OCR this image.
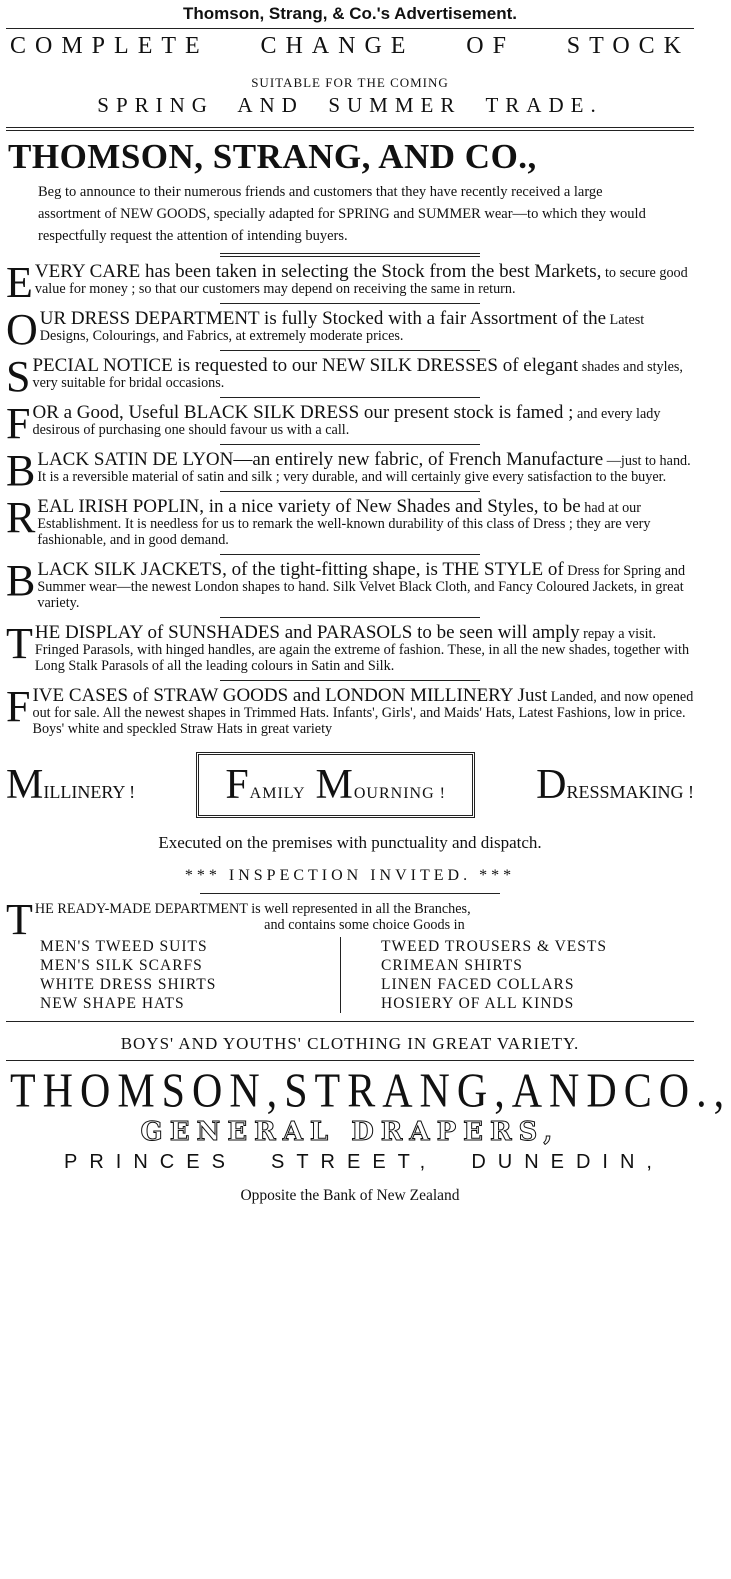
Thomson, Strang, & Co.'s Advertisement.
COMPLETE CHANGE OF STOCK
SUITABLE FOR THE COMING
SPRING AND SUMMER TRADE.
THOMSON, STRANG, AND CO.,

Beg to announce to their numerous friends and customers that they have recently received a large assortment of NEW GOODS, specially adapted for SPRING and SUMMER wear—to which they would respectfully request the attention of intending buyers.

EVERY CARE has been taken in selecting the Stock from the best Markets, to secure good value for money ; so that our customers may depend on receiving the same in return.
OUR DRESS DEPARTMENT is fully Stocked with a fair Assortment of the Latest Designs, Colourings, and Fabrics, at extremely moderate prices.
SPECIAL NOTICE is requested to our NEW SILK DRESSES of elegant shades and styles, very suitable for bridal occasions.
FOR a Good, Useful BLACK SILK DRESS our present stock is famed ; and every lady desirous of purchasing one should favour us with a call.
BLACK SATIN DE LYON—an entirely new fabric, of French Manufacture —just to hand. It is a reversible material of satin and silk ; very durable, and will certainly give every satisfaction to the buyer.
REAL IRISH POPLIN, in a nice variety of New Shades and Styles, to be had at our Establishment. It is needless for us to remark the well-known durability of this class of Dress ; they are very fashionable, and in good demand.
BLACK SILK JACKETS, of the tight-fitting shape, is THE STYLE of Dress for Spring and Summer wear—the newest London shapes to hand. Silk Velvet Black Cloth, and Fancy Coloured Jackets, in great variety.
THE DISPLAY of SUNSHADES and PARASOLS to be seen will amply repay a visit. Fringed Parasols, with hinged handles, are again the extreme of fashion. These, in all the new shades, together with Long Stalk Parasols of all the leading colours in Satin and Silk.
FIVE CASES of STRAW GOODS and LONDON MILLINERY Just Landed, and now opened out for sale. All the newest shapes in Trimmed Hats. Infants', Girls', and Maids' Hats, Latest Fashions, low in price. Boys' white and speckled Straw Hats in great variety
MILLINERY !	FAMILY MOURNING !	DRESSMAKING !
Executed on the premises with punctuality and dispatch.
*** INSPECTION INVITED. ***
THE READY-MADE DEPARTMENT is well represented in all the Branches,

and contains some choice Goods in
MEN'S TWEED SUITS
MEN'S SILK SCARFS
WHITE DRESS SHIRTS
NEW SHAPE HATS
TWEED TROUSERS & VESTS
CRIMEAN SHIRTS
LINEN FACED COLLARS
HOSIERY OF ALL KINDS
BOYS' AND YOUTHS' CLOTHING IN GREAT VARIETY.
THOMSON, STRANG, AND CO.,
GENERAL DRAPERS,
PRINCES STREET, DUNEDIN,
Opposite the Bank of New Zealand
